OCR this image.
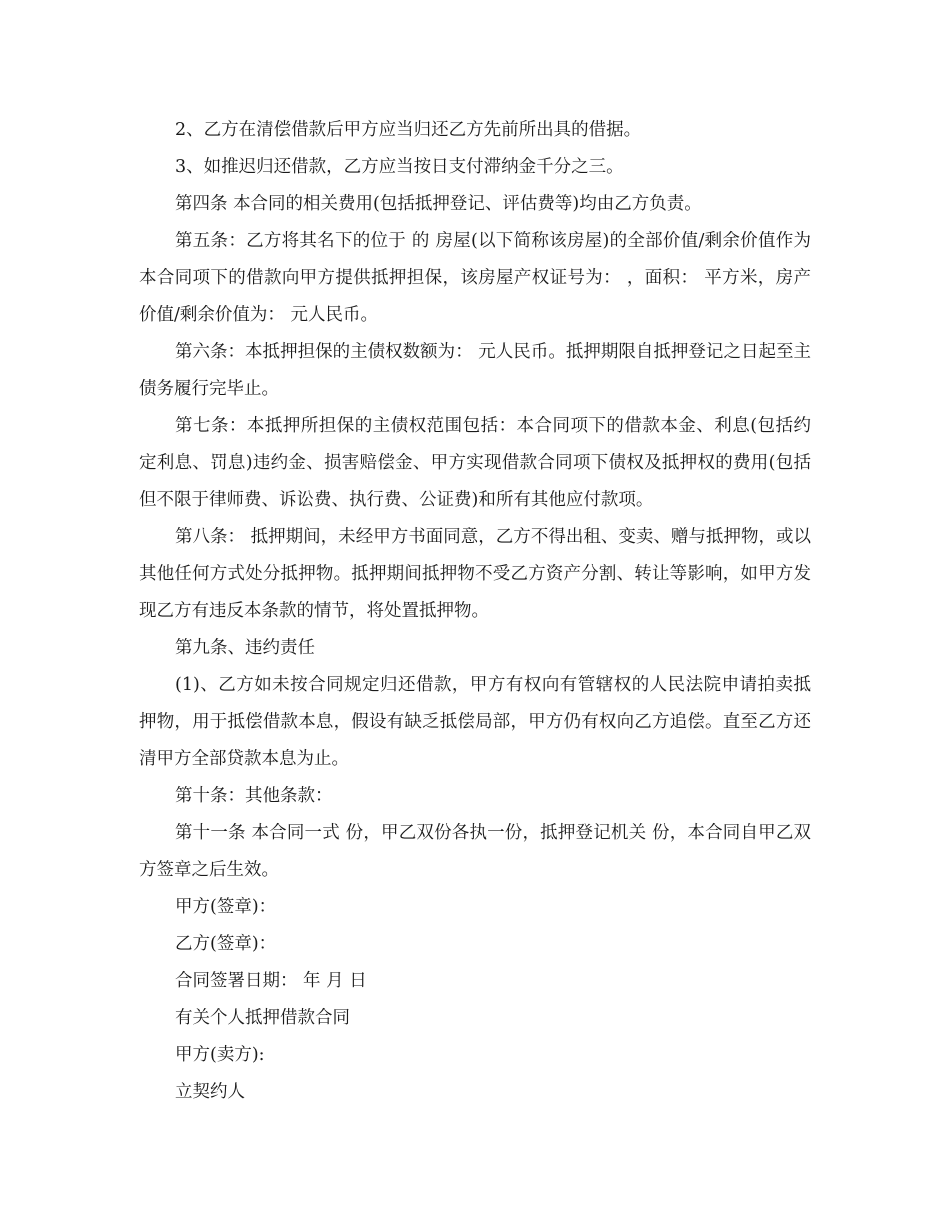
2、乙方在清偿借款后甲方应当归还乙方先前所出具的借据。

3、如推迟归还借款，乙方应当按日支付滞纳金千分之三。

第四条 本合同的相关费用(包括抵押登记、评估费等)均由乙方负责。

第五条：乙方将其名下的位于 的 房屋(以下简称该房屋)的全部价值/剩余价值作为本合同项下的借款向甲方提供抵押担保，该房屋产权证号为： ，面积： 平方米，房产价值/剩余价值为： 元人民币。

第六条：本抵押担保的主债权数额为： 元人民币。抵押期限自抵押登记之日起至主债务履行完毕止。

第七条：本抵押所担保的主债权范围包括：本合同项下的借款本金、利息(包括约定利息、罚息)违约金、损害赔偿金、甲方实现借款合同项下债权及抵押权的费用(包括但不限于律师费、诉讼费、执行费、公证费)和所有其他应付款项。

第八条： 抵押期间，未经甲方书面同意，乙方不得出租、变卖、赠与抵押物，或以其他任何方式处分抵押物。抵押期间抵押物不受乙方资产分割、转让等影响，如甲方发现乙方有违反本条款的情节，将处置抵押物。

第九条、违约责任

(1)、乙方如未按合同规定归还借款，甲方有权向有管辖权的人民法院申请拍卖抵押物，用于抵偿借款本息，假设有缺乏抵偿局部，甲方仍有权向乙方追偿。直至乙方还清甲方全部贷款本息为止。

第十条：其他条款：

第十一条 本合同一式 份，甲乙双份各执一份，抵押登记机关 份，本合同自甲乙双方签章之后生效。

甲方(签章)：

乙方(签章)：

合同签署日期： 年 月 日

有关个人抵押借款合同

甲方(卖方):

立契约人
